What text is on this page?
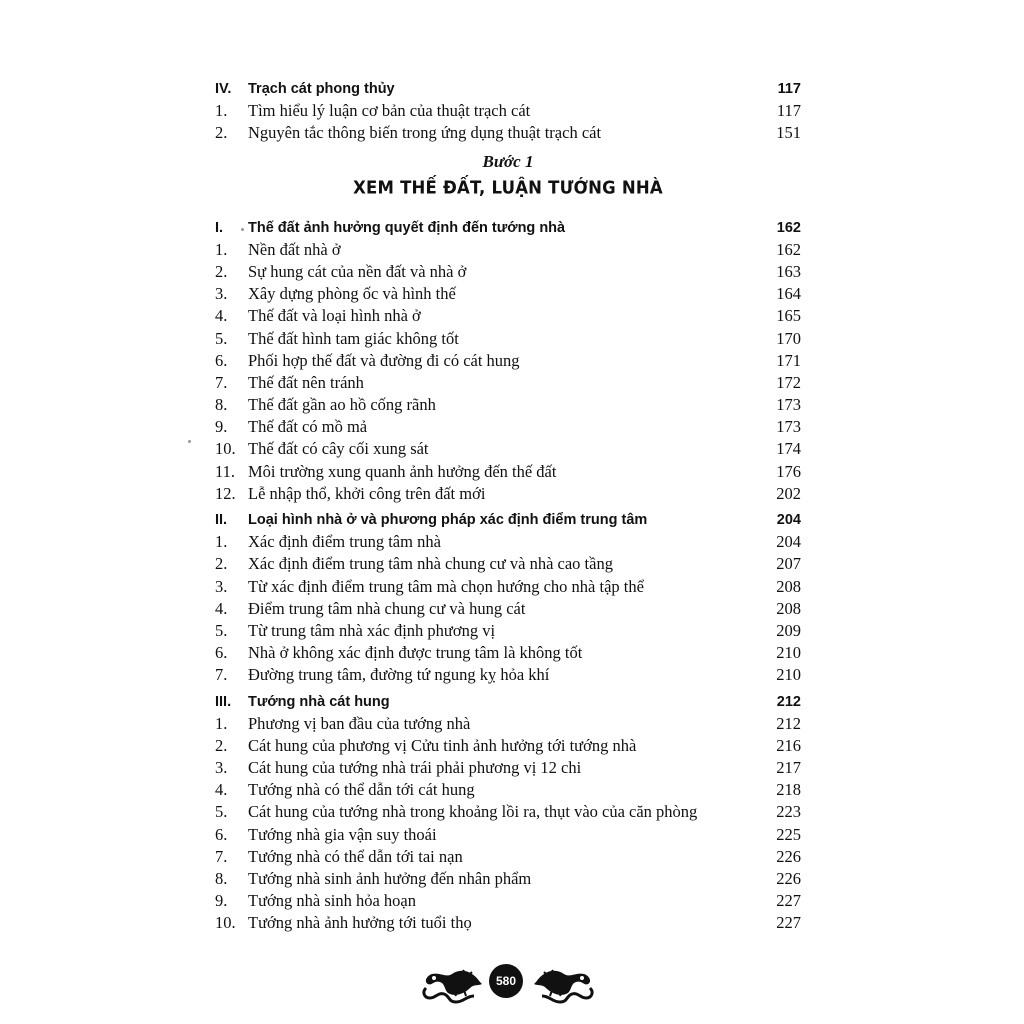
IV. Trạch cát phong thủy	117
1. Tìm hiểu lý luận cơ bản của thuật trạch cát	117
2. Nguyên tắc thông biến trong ứng dụng thuật trạch cát	151
Bước 1
XEM THẾ ĐẤT, LUẬN TƯỚNG NHÀ
I. Thế đất ảnh hưởng quyết định đến tướng nhà	162
1. Nền đất nhà ở	162
2. Sự hung cát của nền đất và nhà ở	163
3. Xây dựng phòng ốc và hình thế	164
4. Thế đất và loại hình nhà ở	165
5. Thế đất hình tam giác không tốt	170
6. Phối hợp thế đất và đường đi có cát hung	171
7. Thế đất nên tránh	172
8. Thế đất gần ao hồ cống rãnh	173
9. Thế đất có mồ mả	173
10. Thế đất có cây cối xung sát	174
11. Môi trường xung quanh ảnh hưởng đến thế đất	176
12. Lễ nhập thổ, khởi công trên đất mới	202
II. Loại hình nhà ở và phương pháp xác định điểm trung tâm	204
1. Xác định điểm trung tâm nhà	204
2. Xác định điểm trung tâm nhà chung cư và nhà cao tầng	207
3. Từ xác định điểm trung tâm mà chọn hướng cho nhà tập thể	208
4. Điểm trung tâm nhà chung cư và hung cát	208
5. Từ trung tâm nhà xác định phương vị	209
6. Nhà ở không xác định được trung tâm là không tốt	210
7. Đường trung tâm, đường tứ ngung kỵ hỏa khí	210
III. Tướng nhà cát hung	212
1. Phương vị ban đầu của tướng nhà	212
2. Cát hung của phương vị Cửu tinh ảnh hưởng tới tướng nhà	216
3. Cát hung của tướng nhà trái phải phương vị 12 chi	217
4. Tướng nhà có thể dẫn tới cát hung	218
5. Cát hung của tướng nhà trong khoảng lồi ra, thụt vào của căn phòng	223
6. Tướng nhà gia vận suy thoái	225
7. Tướng nhà có thể dẫn tới tai nạn	226
8. Tướng nhà sinh ảnh hưởng đến nhân phẩm	226
9. Tướng nhà sinh hỏa hoạn	227
10. Tướng nhà ảnh hưởng tới tuổi thọ	227
580
